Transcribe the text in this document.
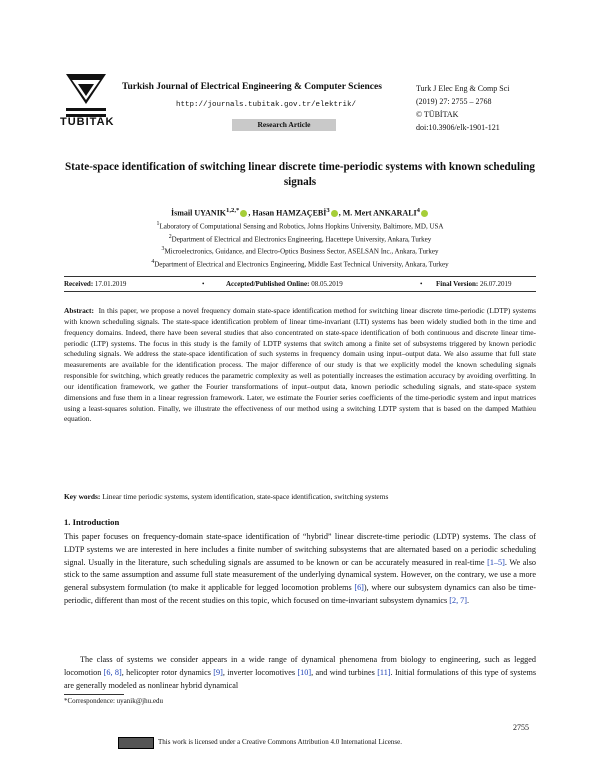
TÜBİTAK
Turkish Journal of Electrical Engineering & Computer Sciences
http://journals.tubitak.gov.tr/elektrik/
Research Article
Turk J Elec Eng & Comp Sci
(2019) 27: 2755 – 2768
© TÜBİTAK
doi:10.3906/elk-1901-121
State-space identification of switching linear discrete time-periodic systems with known scheduling signals
İsmail $UYANIK^{1,2,*}$ , Hasan HAMZAÇEBİ$^3$ , M. Mert ANKARALI$^4$
$^1$Laboratory of Computational Sensing and Robotics, Johns Hopkins University, Baltimore, MD, USA
$^2$Department of Electrical and Electronics Engineering, Hacettepe University, Ankara, Turkey
$^3$Microelectronics, Guidance, and Electro-Optics Business Sector, ASELSAN Inc., Ankara, Turkey
$^4$Department of Electrical and Electronics Engineering, Middle East Technical University, Ankara, Turkey
Received: 17.01.2019	•	Accepted/Published Online: 08.05.2019	• Final Version: 26.07.2019
Abstract: In this paper, we propose a novel frequency domain state-space identification method for switching linear discrete time-periodic (LDTP) systems with known scheduling signals. The state-space identification problem of linear time-invariant (LTI) systems has been widely studied both in the time and frequency domains. Indeed, there have been several studies that also concentrated on state-space identification of both continuous and discrete linear time-periodic (LTP) systems. The focus in this study is the family of LDTP systems that switch among a finite set of subsystems triggered by known periodic scheduling signals. We address the state-space identification of such systems in frequency domain using input–output data. We also assume that full state measurements are available for the identification process. The major difference of our study is that we explicitly model the known scheduling signals responsible for switching, which greatly reduces the parametric complexity as well as potentially increases the estimation accuracy by avoiding overfitting. In our identification framework, we gather the Fourier transformations of input–output data, known periodic scheduling signals, and state-space system dimensions and fuse them in a linear regression framework. Later, we estimate the Fourier series coefficients of the time-periodic system and input matrices using a least-squares solution. Finally, we illustrate the effectiveness of our method using a switching LDTP system that is based on the damped Mathieu equation.
Key words: Linear time periodic systems, system identification, state-space identification, switching systems
1. Introduction
This paper focuses on frequency-domain state-space identification of “hybrid” linear discrete-time periodic (LDTP) systems. The class of LDTP systems we are interested in here includes a finite number of switching subsystems that are alternated based on a periodic scheduling signal. Usually in the literature, such scheduling signals are assumed to be known or can be accurately measured in real-time [1–5]. We also stick to the same assumption and assume full state measurement of the underlying dynamical system. However, on the contrary, we use a more general subsystem formulation (to make it applicable for legged locomotion problems [6]), where our subsystem dynamics can also be time-periodic, different than most of the recent studies on this topic, which focused on time-invariant subsystem dynamics [2, 7].
The class of systems we consider appears in a wide range of dynamical phenomena from biology to engineering, such as legged locomotion [6, 8], helicopter rotor dynamics [9], inverter locomotives [10], and wind turbines [11]. Initial formulations of this type of systems are generally modeled as nonlinear hybrid dynamical
*Correspondence: uyanik@jhu.edu
2755
This work is licensed under a Creative Commons Attribution 4.0 International License.
